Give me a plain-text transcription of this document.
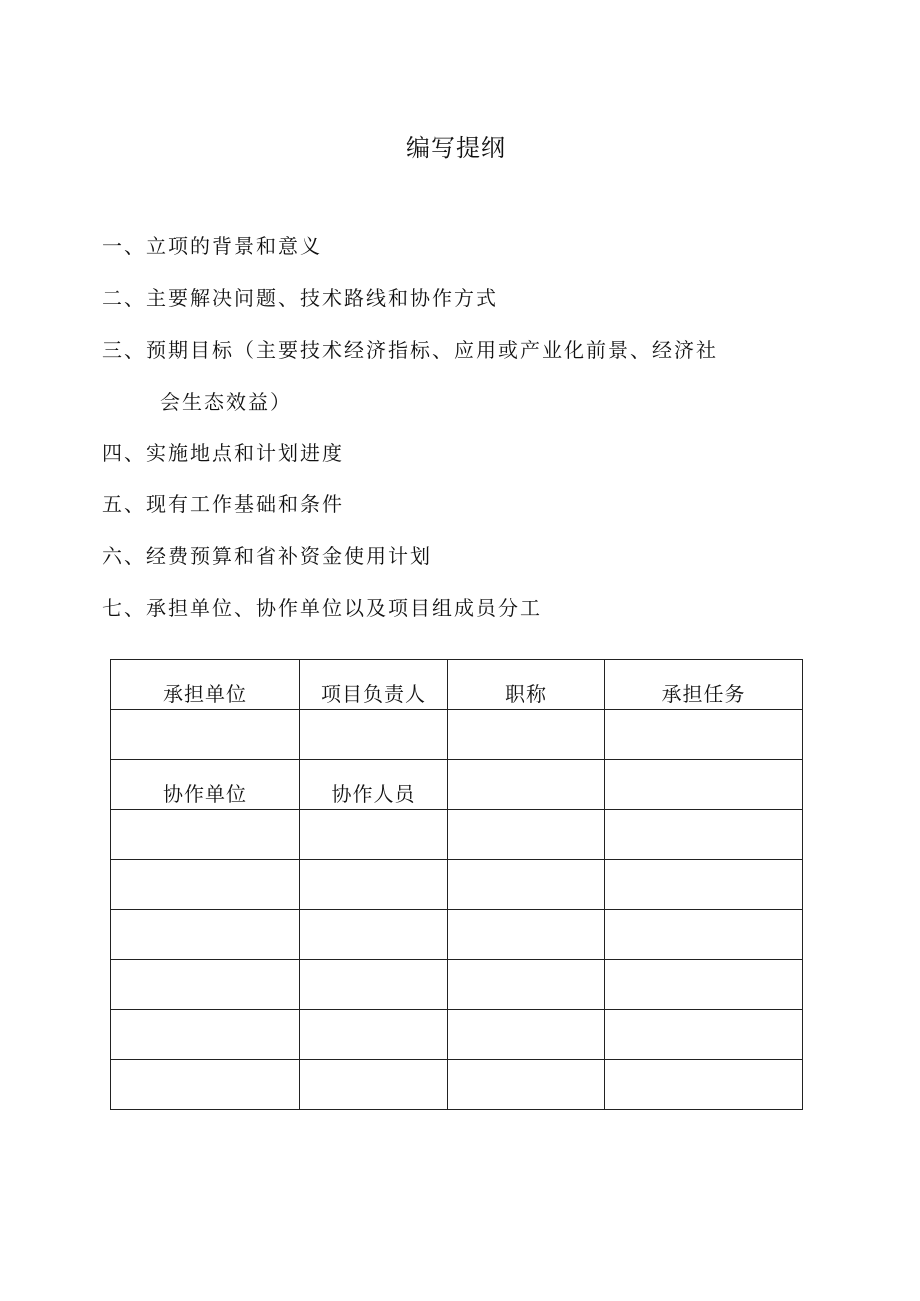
编写提纲
一、立项的背景和意义
二、主要解决问题、技术路线和协作方式
三、预期目标（主要技术经济指标、应用或产业化前景、经济社
会生态效益）
四、实施地点和计划进度
五、现有工作基础和条件
六、经费预算和省补资金使用计划
七、承担单位、协作单位以及项目组成员分工
承担单位	项目负责人	职称	承担任务

协作单位	协作人员		
